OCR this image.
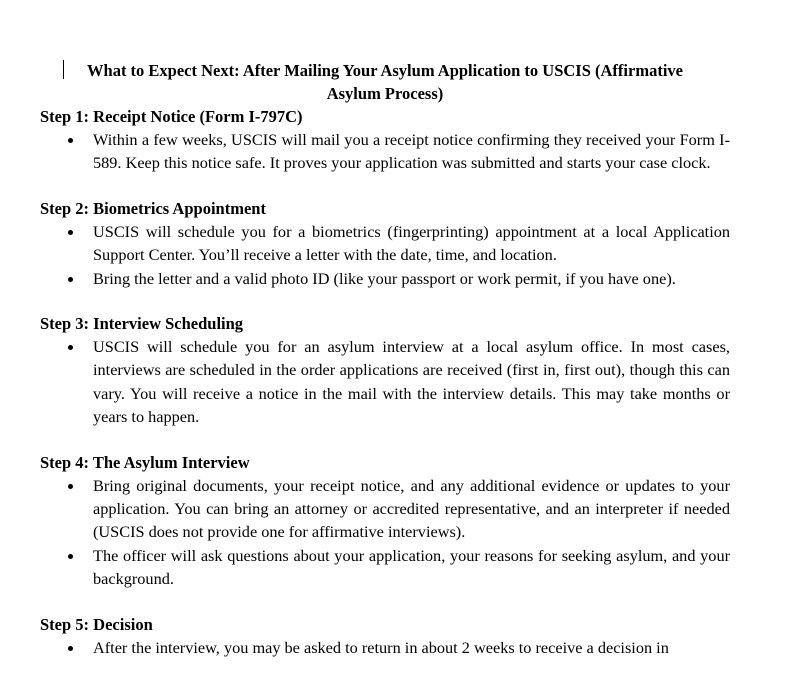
What to Expect Next: After Mailing Your Asylum Application to USCIS (Affirmative Asylum Process)

Step 1: Receipt Notice (Form I-797C)

Within a few weeks, USCIS will mail you a receipt notice confirming they received your Form I-589. Keep this notice safe. It proves your application was submitted and starts your case clock.

Step 2: Biometrics Appointment

USCIS will schedule you for a biometrics (fingerprinting) appointment at a local Application Support Center. You’ll receive a letter with the date, time, and location.
Bring the letter and a valid photo ID (like your passport or work permit, if you have one).

Step 3: Interview Scheduling

USCIS will schedule you for an asylum interview at a local asylum office. In most cases, interviews are scheduled in the order applications are received (first in, first out), though this can vary. You will receive a notice in the mail with the interview details. This may take months or years to happen.

Step 4: The Asylum Interview

Bring original documents, your receipt notice, and any additional evidence or updates to your application. You can bring an attorney or accredited representative, and an interpreter if needed (USCIS does not provide one for affirmative interviews).
The officer will ask questions about your application, your reasons for seeking asylum, and your background.

Step 5: Decision

After the interview, you may be asked to return in about 2 weeks to receive a decision in
